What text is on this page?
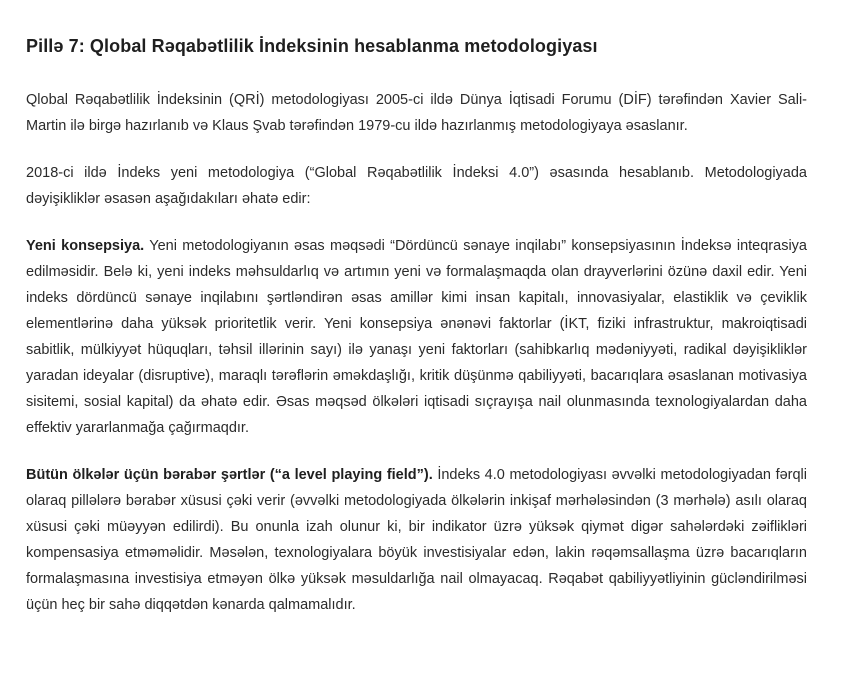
Pillə 7: Qlobal Rəqabətlilik İndeksinin hesablanma metodologiyası

Qlobal Rəqabətlilik İndeksinin (QRİ) metodologiyası 2005-ci ildə Dünya İqtisadi Forumu (DİF) tərəfindən Xavier Sali-Martin ilə birgə hazırlanıb və Klaus Şvab tərəfindən 1979-cu ildə hazırlanmış metodologiyaya əsaslanır.

2018-ci ildə İndeks yeni metodologiya (“Global Rəqabətlilik İndeksi 4.0”) əsasında hesablanıb. Metodologiyada dəyişikliklər əsasən aşağıdakıları əhatə edir:

Yeni konsepsiya. Yeni metodologiyanın əsas məqsədi “Dördüncü sənaye inqilabı” konsepsiyasının İndeksə inteqrasiya edilməsidir. Belə ki, yeni indeks məhsuldarlıq və artımın yeni və formalaşmaqda olan drayverlərini özünə daxil edir. Yeni indeks dördüncü sənaye inqilabını şərtləndirən əsas amillər kimi insan kapitalı, innovasiyalar, elastiklik və çeviklik elementlərinə daha yüksək prioritetlik verir. Yeni konsepsiya ənənəvi faktorlar (İKT, fiziki infrastruktur, makroiqtisadi sabitlik, mülkiyyət hüquqları, təhsil illərinin sayı) ilə yanaşı yeni faktorları (sahibkarlıq mədəniyyəti, radikal dəyişikliklər yaradan ideyalar (disruptive), maraqlı tərəflərin əməkdaşlığı, kritik düşünmə qabiliyyəti, bacarıqlara əsaslanan motivasiya sisitemi, sosial kapital) da əhatə edir. Əsas məqsəd ölkələri iqtisadi sıçrayışa nail olunmasında texnologiyalardan daha effektiv yararlanmağa çağırmaqdır.

Bütün ölkələr üçün bərabər şərtlər (“a level playing field”). İndeks 4.0 metodologiyası əvvəlki metodologiyadan fərqli olaraq pillələrə bərabər xüsusi çəki verir (əvvəlki metodologiyada ölkələrin inkişaf mərhələsindən (3 mərhələ) asılı olaraq xüsusi çəki müəyyən edilirdi). Bu onunla izah olunur ki, bir indikator üzrə yüksək qiymət digər sahələrdəki zəiflikləri kompensasiya etməməlidir. Məsələn, texnologiyalara böyük investisiyalar edən, lakin rəqəmsallaşma üzrə bacarıqların formalaşmasına investisiya etməyən ölkə yüksək məsuldarlığa nail olmayacaq. Rəqabət qabiliyyətliyinin gücləndirilməsi üçün heç bir sahə diqqətdən kənarda qalmamalıdır.
